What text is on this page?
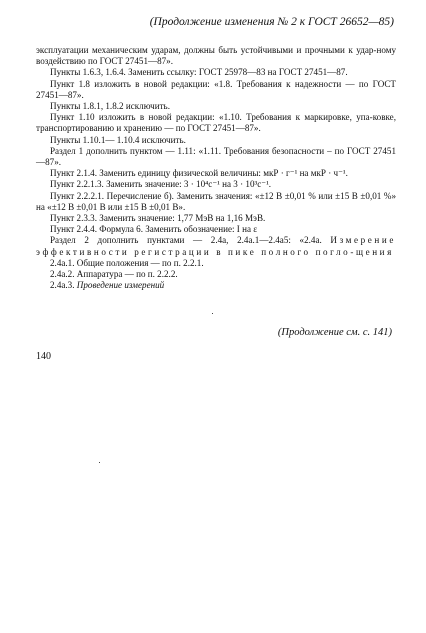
(Продолжение изменения № 2 к ГОСТ 26652—85)

эксплуатации механическим ударам, должны быть устойчивыми и прочными к удар-ному воздействию по ГОСТ 27451—87».

Пункты 1.6.3, 1.6.4. Заменить ссылку: ГОСТ 25978—83 на ГОСТ 27451—87.

Пункт 1.8 изложить в новой редакции: «1.8. Требования к надежности — по ГОСТ 27451—87».

Пункты 1.8.1, 1.8.2 исключить.

Пункт 1.10 изложить в новой редакции: «1.10. Требования к маркировке, упа-ковке, транспортированию и хранению — по ГОСТ 27451—87».

Пункты 1.10.1— 1.10.4 исключить.

Раздел 1 дополнить пунктом — 1.11: «1.11. Требования безопасности – по ГОСТ 27451—87».

Пункт 2.1.4. Заменить единицу физической величины: мкР · г⁻¹ на мкР · ч⁻¹.

Пункт 2.2.1.3. Заменить значение: 3 · 10⁴с⁻¹ на 3 · 10³с⁻¹.

Пункт 2.2.2.1. Перечисление б). Заменить значения: «±12 В ±0,01 % или ±15 В ±0,01 %» на «±12 В ±0,01 В или ±15 В ±0,01 В».

Пункт 2.3.3. Заменить значение: 1,77 МэВ на 1,16 МэВ.

Пункт 2.4.4. Формула 6. Заменить обозначение: I на ε

Раздел 2 дополнить пунктами — 2.4а, 2.4а.1—2.4а5: «2.4а. Измерение эффективности регистрации в пике полного погло-щения

2.4а.1. Общие положения — по п. 2.2.1.

2.4а.2. Аппаратура — по п. 2.2.2.

2.4а.3. Проведение измерений

(Продолжение см. с. 141)
140
